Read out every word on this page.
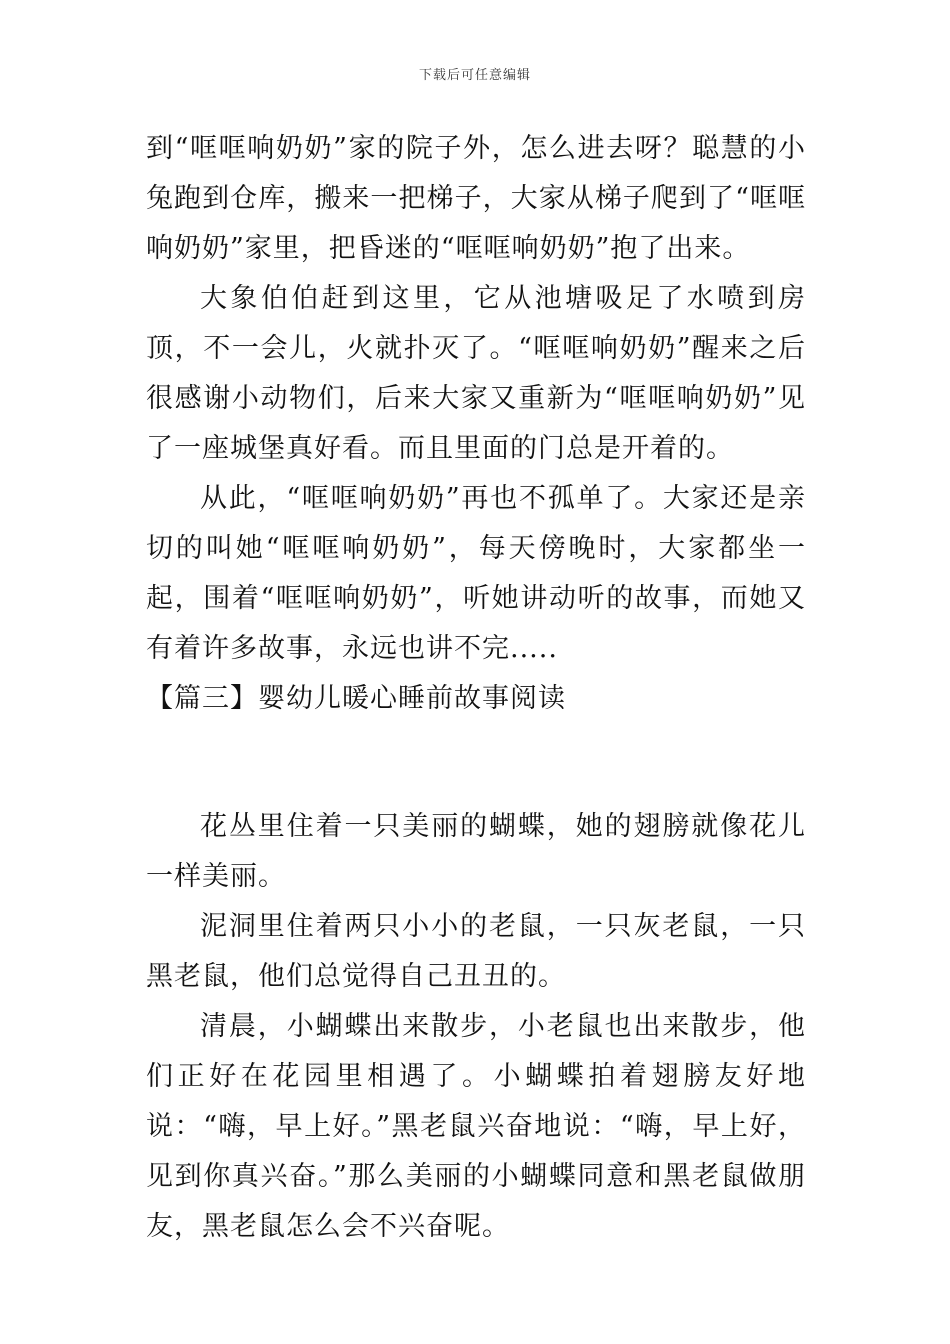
下载后可任意编辑

到“哐哐响奶奶”家的院子外，怎么进去呀？聪慧的小兔跑到仓库，搬来一把梯子，大家从梯子爬到了“哐哐响奶奶”家里，把昏迷的“哐哐响奶奶”抱了出来。

大象伯伯赶到这里，它从池塘吸足了水喷到房顶，不一会儿，火就扑灭了。“哐哐响奶奶”醒来之后很感谢小动物们，后来大家又重新为“哐哐响奶奶”见了一座城堡真好看。而且里面的门总是开着的。

从此，“哐哐响奶奶”再也不孤单了。大家还是亲切的叫她“哐哐响奶奶”，每天傍晚时，大家都坐一起，围着“哐哐响奶奶”，听她讲动听的故事，而她又有着许多故事，永远也讲不完.....

【篇三】婴幼儿暖心睡前故事阅读

花丛里住着一只美丽的蝴蝶，她的翅膀就像花儿一样美丽。

泥洞里住着两只小小的老鼠，一只灰老鼠，一只黑老鼠，他们总觉得自己丑丑的。

清晨，小蝴蝶出来散步，小老鼠也出来散步，他们正好在花园里相遇了。小蝴蝶拍着翅膀友好地说：“嗨，早上好。”黑老鼠兴奋地说：“嗨，早上好，见到你真兴奋。”那么美丽的小蝴蝶同意和黑老鼠做朋友，黑老鼠怎么会不兴奋呢。
